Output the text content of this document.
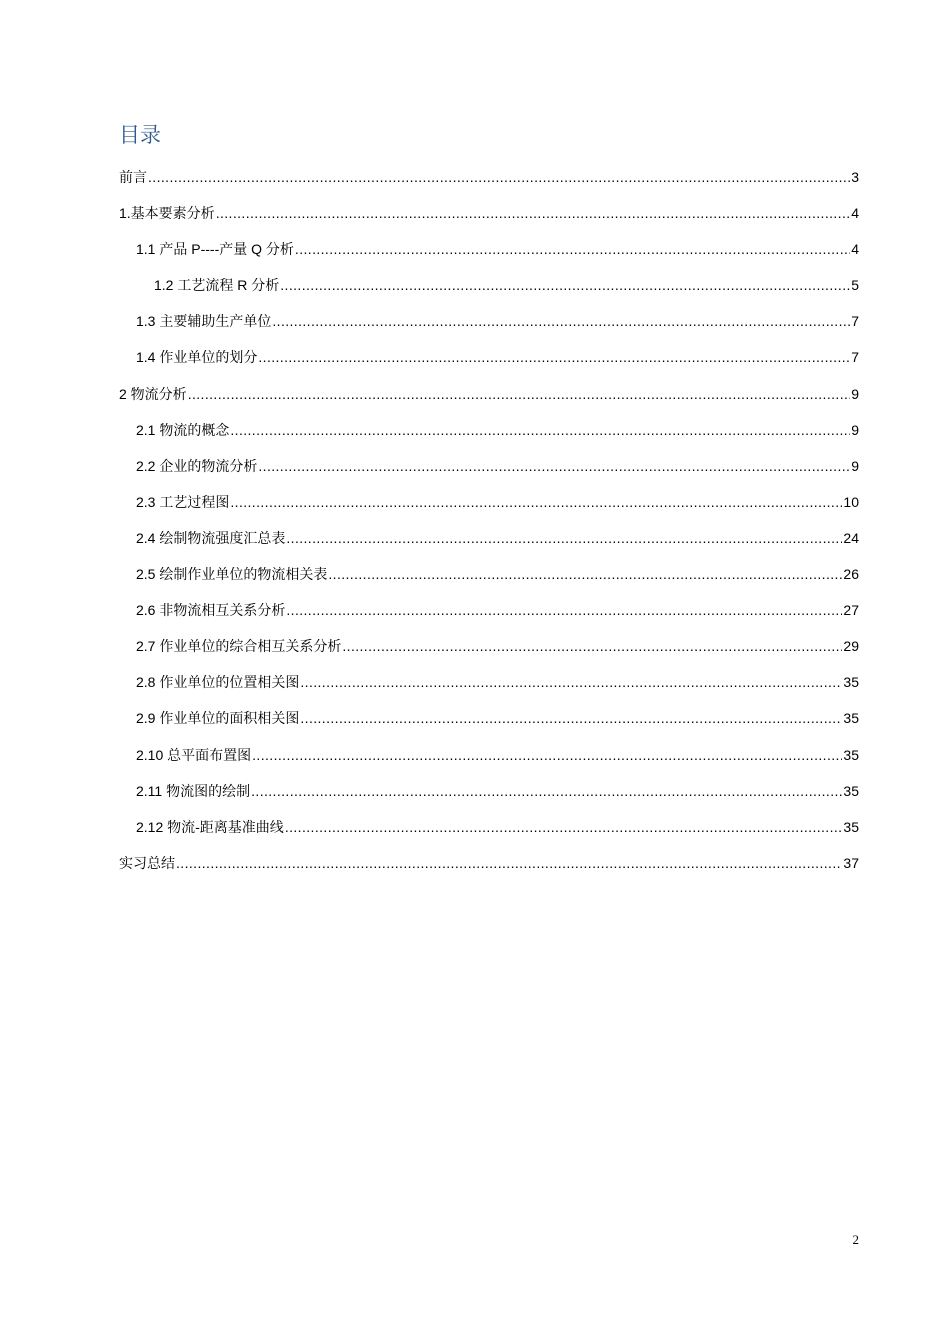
目录
前言 .....	3
1.基本要素分析 .....	4
1.1 产品 P----产量 Q 分析 .....	4
1.2 工艺流程 R 分析 .....	5
1.3 主要辅助生产单位 .....	7
1.4 作业单位的划分 .....	7
2 物流分析 .....	9
2.1 物流的概念 .....	9
2.2 企业的物流分析 .....	9
2.3 工艺过程图 .....	10
2.4 绘制物流强度汇总表 .....	24
2.5 绘制作业单位的物流相关表 .....	26
2.6 非物流相互关系分析 .....	27
2.7 作业单位的综合相互关系分析 .....	29
2.8 作业单位的位置相关图 .....	35
2.9 作业单位的面积相关图 .....	35
2.10 总平面布置图 .....	35
2.11 物流图的绘制 .....	35
2.12 物流-距离基准曲线 .....	35
实习总结 .....	37
2
